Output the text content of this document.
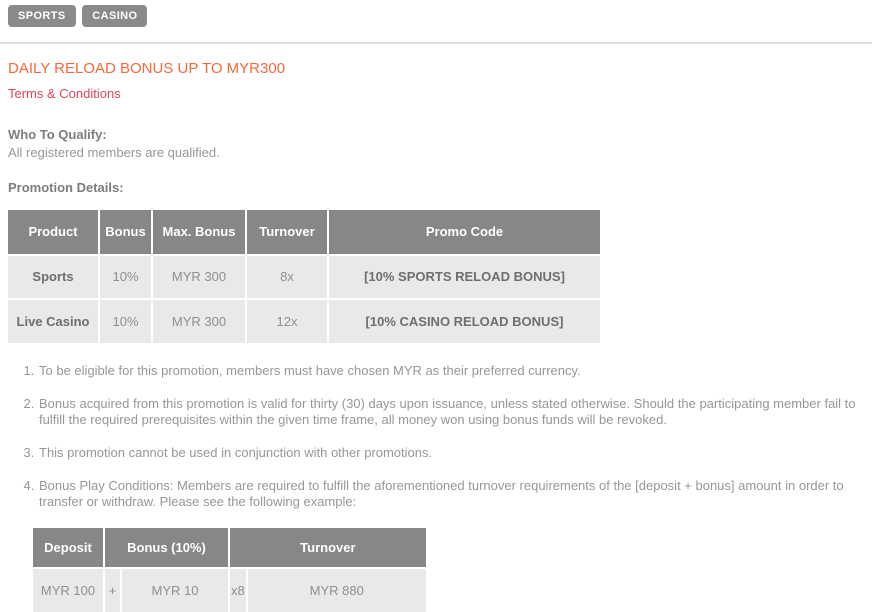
SPORTS CASINO
DAILY RELOAD BONUS UP TO MYR300
Terms & Conditions

Who To Qualify:

All registered members are qualified.

Promotion Details:

Product	Bonus	Max. Bonus	Turnover	Promo Code
Sports	10%	MYR 300	8x	[10% SPORTS RELOAD BONUS]
Live Casino	10%	MYR 300	12x	[10% CASINO RELOAD BONUS]
1. To be eligible for this promotion, members must have chosen MYR as their preferred currency.
2. Bonus acquired from this promotion is valid for thirty (30) days upon issuance, unless stated otherwise. Should the participating member fail to fulfill the required prerequisites within the given time frame, all money won using bonus funds will be revoked.
3. This promotion cannot be used in conjunction with other promotions.
4. Bonus Play Conditions: Members are required to fulfill the aforementioned turnover requirements of the [deposit + bonus] amount in order to transfer or withdraw. Please see the following example:
Deposit	Bonus (10%)		Turnover	
MYR 100	+	MYR 10	x8	MYR 880
